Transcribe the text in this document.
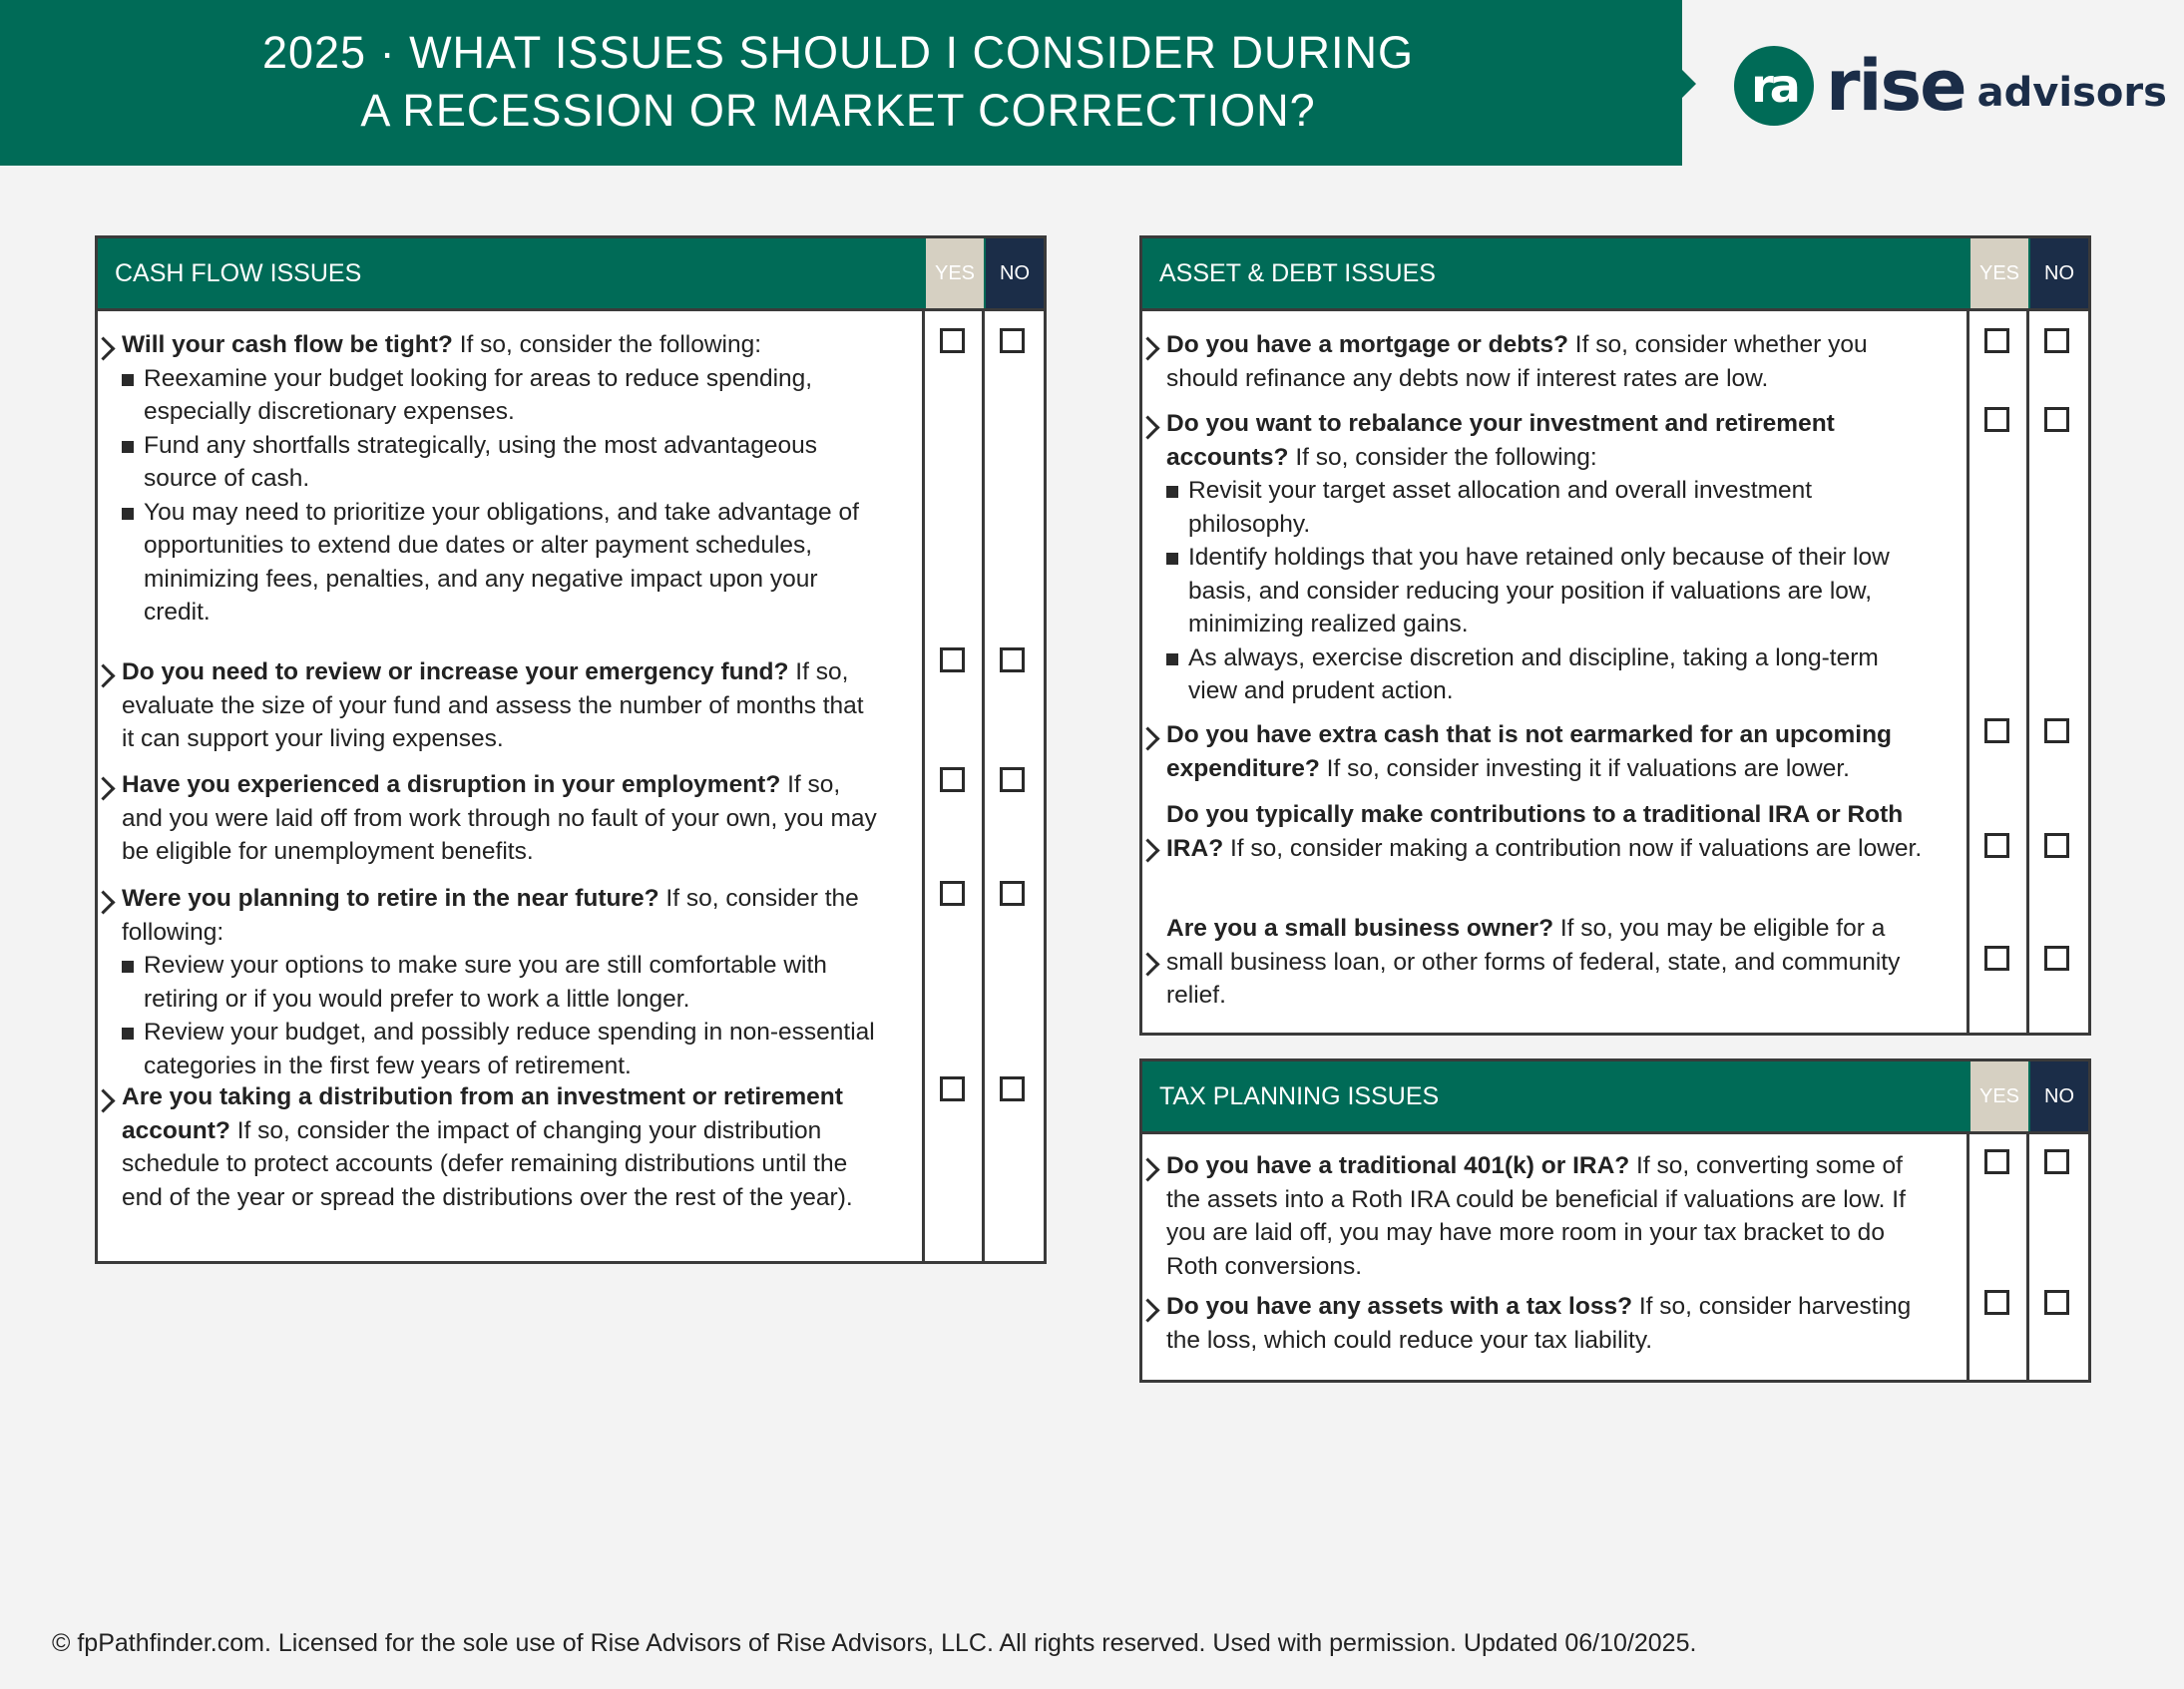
2025 · WHAT ISSUES SHOULD I CONSIDER DURING
A RECESSION OR MARKET CORRECTION?	ra rise advisors
CASH FLOW ISSUES	YES	NO
Will your cash flow be tight? If so, consider the following:
Reexamine your budget looking for areas to reduce spending, especially discretionary expenses.
Fund any shortfalls strategically, using the most advantageous source of cash.
You may need to prioritize your obligations, and take advantage of opportunities to extend due dates or alter payment schedules, minimizing fees, penalties, and any negative impact upon your credit.
Do you need to review or increase your emergency fund? If so, evaluate the size of your fund and assess the number of months that it can support your living expenses.
Have you experienced a disruption in your employment? If so, and you were laid off from work through no fault of your own, you may be eligible for unemployment benefits.
Were you planning to retire in the near future? If so, consider the following:
Review your options to make sure you are still comfortable with retiring or if you would prefer to work a little longer.
Review your budget, and possibly reduce spending in non-essential categories in the first few years of retirement.
Are you taking a distribution from an investment or retirement account? If so, consider the impact of changing your distribution schedule to protect accounts (defer remaining distributions until the end of the year or spread the distributions over the rest of the year).
ASSET & DEBT ISSUES	YES	NO
Do you have a mortgage or debts? If so, consider whether you should refinance any debts now if interest rates are low.
Do you want to rebalance your investment and retirement accounts? If so, consider the following:
Revisit your target asset allocation and overall investment philosophy.
Identify holdings that you have retained only because of their low basis, and consider reducing your position if valuations are low, minimizing realized gains.
As always, exercise discretion and discipline, taking a long-term view and prudent action.
Do you have extra cash that is not earmarked for an upcoming expenditure? If so, consider investing it if valuations are lower.
Do you typically make contributions to a traditional IRA or Roth IRA? If so, consider making a contribution now if valuations are lower.
Are you a small business owner? If so, you may be eligible for a small business loan, or other forms of federal, state, and community relief.
TAX PLANNING ISSUES	YES	NO
Do you have a traditional 401(k) or IRA? If so, converting some of the assets into a Roth IRA could be beneficial if valuations are low. If you are laid off, you may have more room in your tax bracket to do Roth conversions.
Do you have any assets with a tax loss? If so, consider harvesting the loss, which could reduce your tax liability.
© fpPathfinder.com. Licensed for the sole use of Rise Advisors of Rise Advisors, LLC. All rights reserved. Used with permission. Updated 06/10/2025.
